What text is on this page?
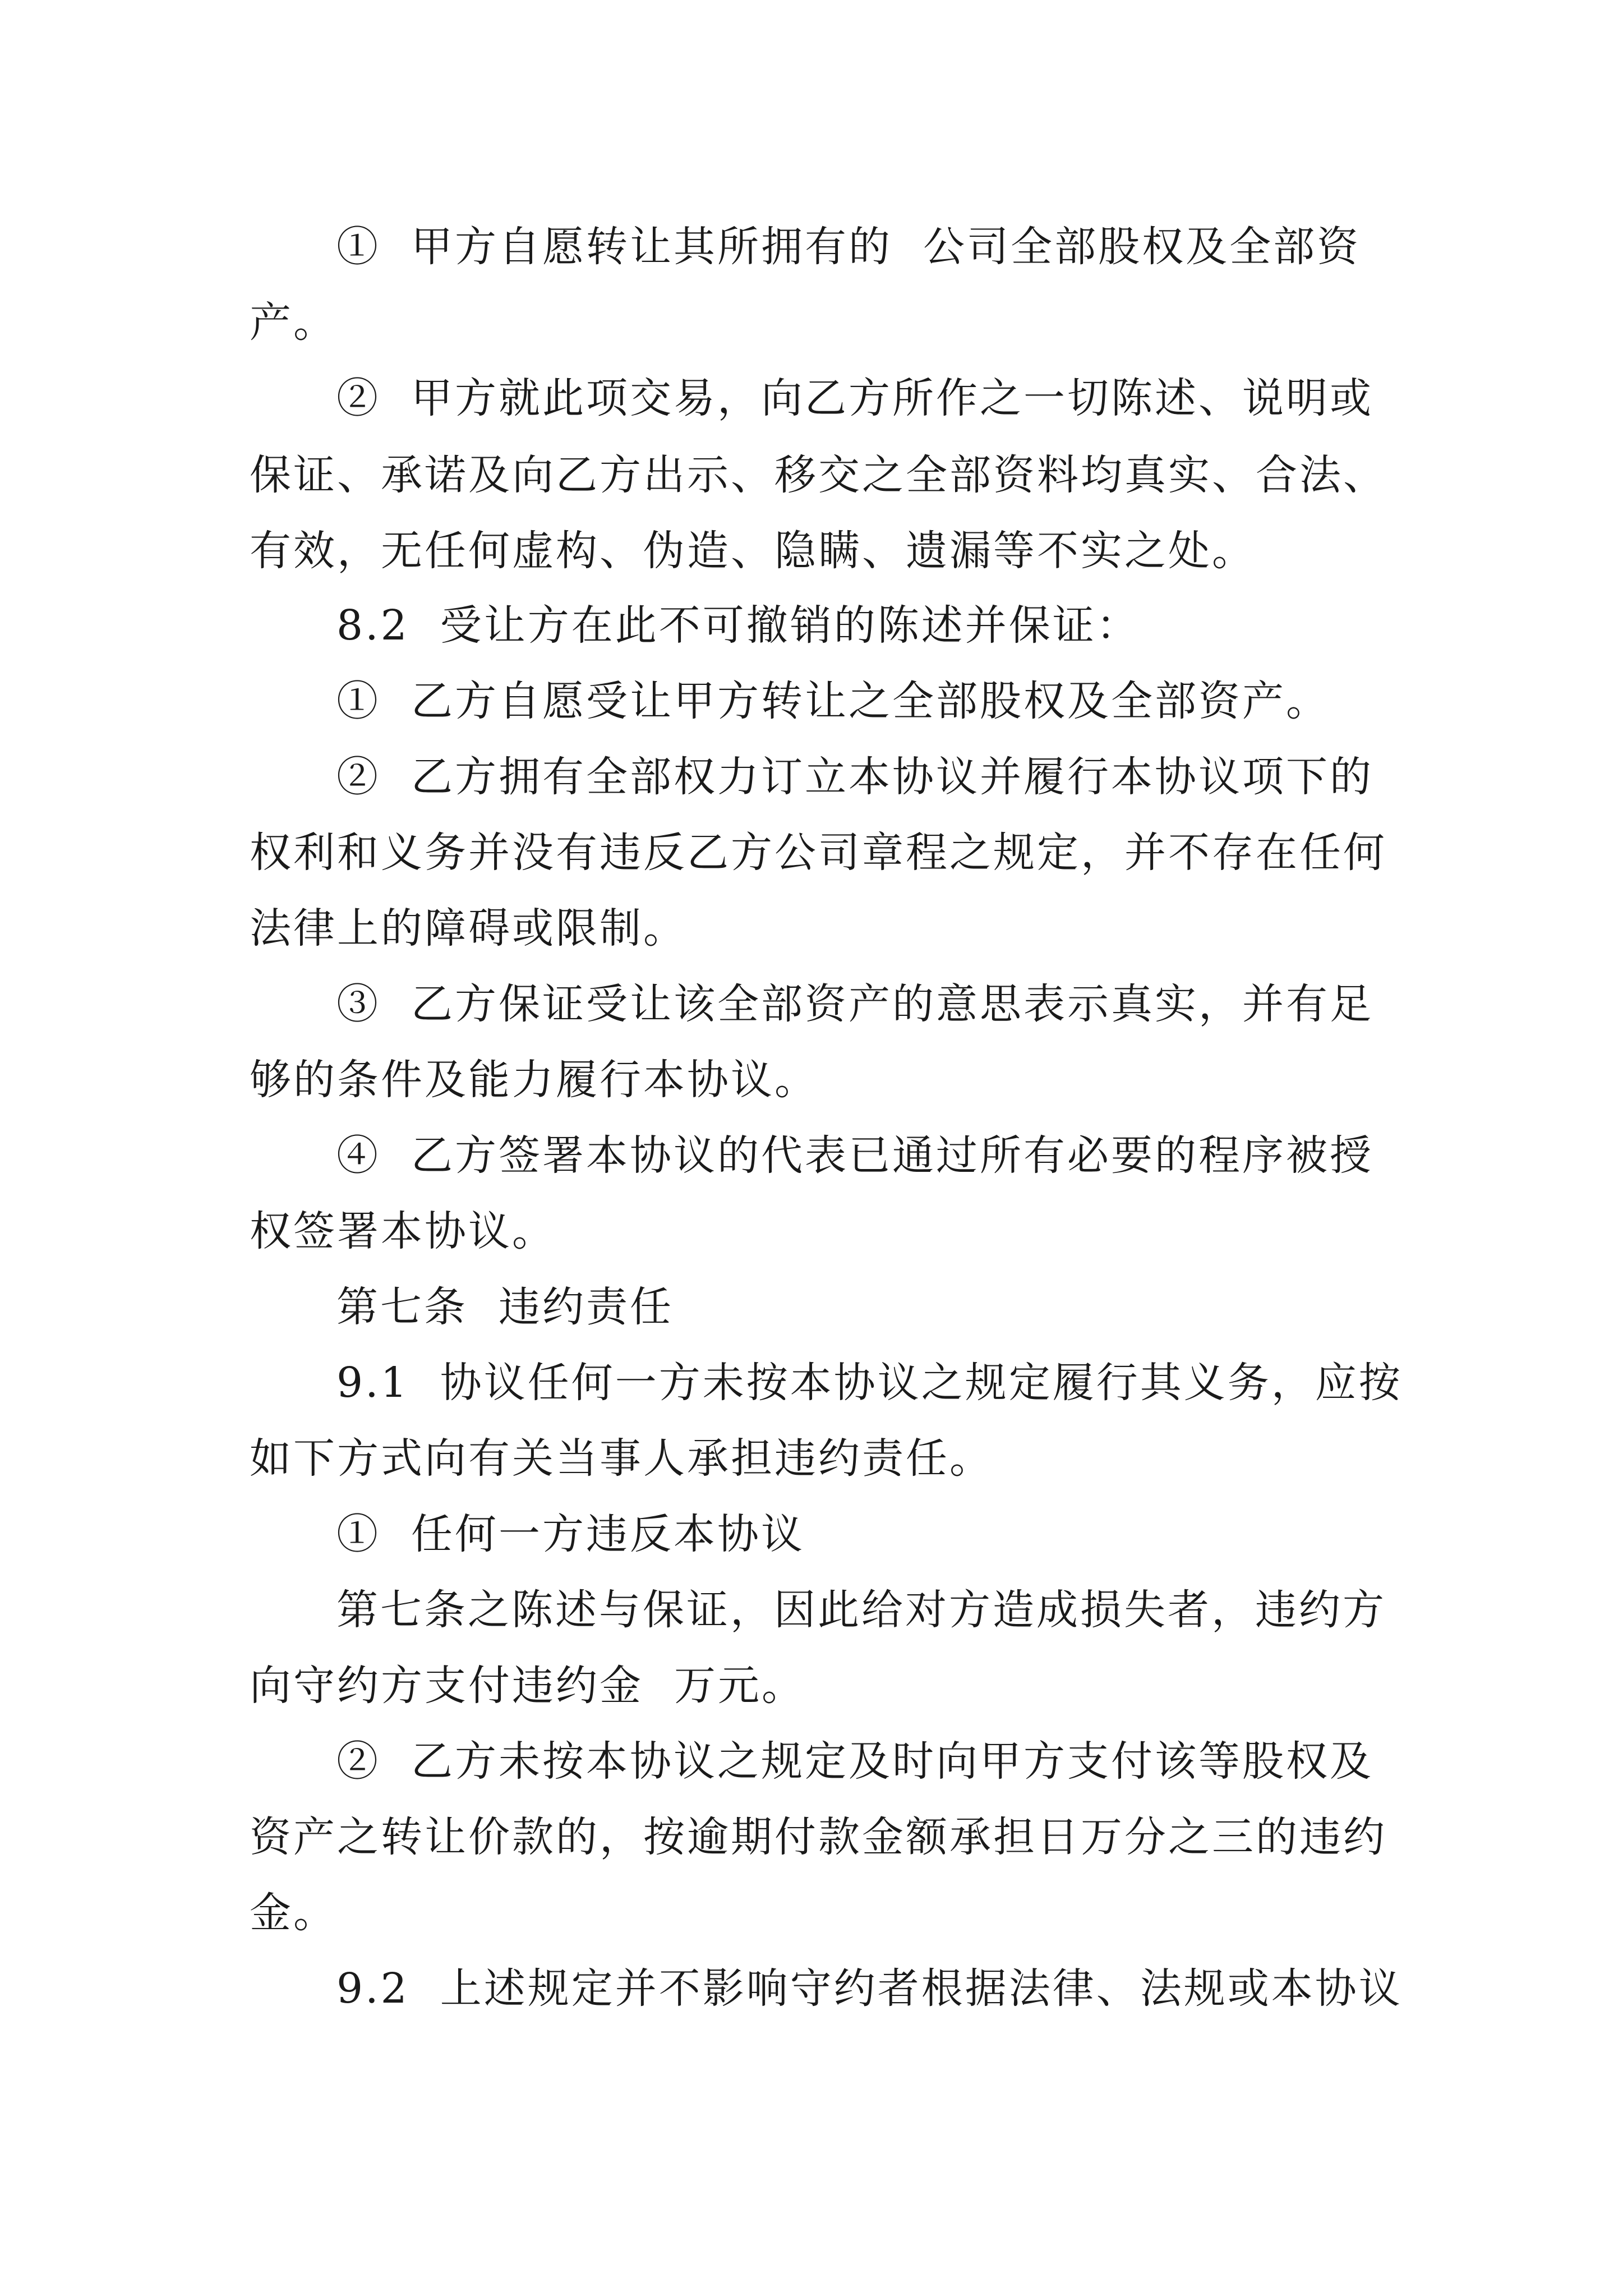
①  甲方自愿转让其所拥有的  公司全部股权及全部资
产。
②  甲方就此项交易，向乙方所作之一切陈述、说明或
保证、承诺及向乙方出示、移交之全部资料均真实、合法、
有效，无任何虚构、伪造、隐瞒、遗漏等不实之处。
8.2  受让方在此不可撤销的陈述并保证：
①  乙方自愿受让甲方转让之全部股权及全部资产。
②  乙方拥有全部权力订立本协议并履行本协议项下的
权利和义务并没有违反乙方公司章程之规定，并不存在任何
法律上的障碍或限制。
③  乙方保证受让该全部资产的意思表示真实，并有足
够的条件及能力履行本协议。
④  乙方签署本协议的代表已通过所有必要的程序被授
权签署本协议。
第七条  违约责任
9.1  协议任何一方未按本协议之规定履行其义务，应按
如下方式向有关当事人承担违约责任。
①  任何一方违反本协议
第七条之陈述与保证，因此给对方造成损失者，违约方
向守约方支付违约金  万元。
②  乙方未按本协议之规定及时向甲方支付该等股权及
资产之转让价款的，按逾期付款金额承担日万分之三的违约
金。
9.2  上述规定并不影响守约者根据法律、法规或本协议
